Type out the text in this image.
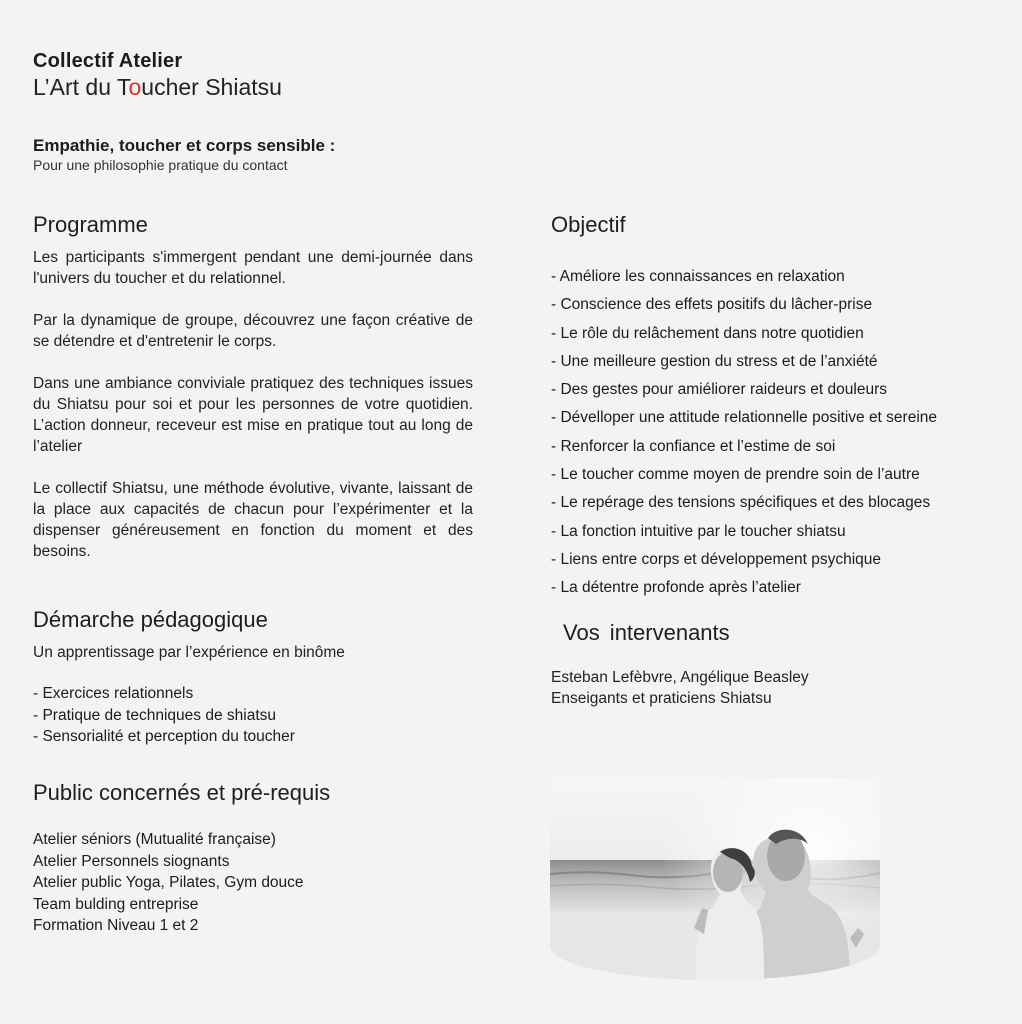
Collectif Atelier
L’Art du Toucher Shiatsu
Empathie, toucher et corps sensible :
Pour une philosophie pratique du contact
Programme

Les participants s'immergent pendant une demi-journée dans l'univers du toucher et du relationnel.

Par la dynamique de groupe, découvrez une façon créative de se détendre et d'entretenir le corps.

Dans une ambiance conviviale pratiquez des techniques issues du Shiatsu pour soi et pour les personnes de votre quotidien. L’action donneur, receveur est mise en pratique tout au long de l’atelier

Le collectif Shiatsu, une méthode évolutive, vivante, laissant de la place aux capacités de chacun pour l’expérimenter et la dispenser généreusement en fonction du moment et des besoins.

Démarche pédagogique

Un apprentissage par l’expérience en binôme

- Exercices relationnels
- Pratique de techniques de shiatsu
- Sensorialité et perception du toucher
Public concernés et pré-requis
Atelier séniors (Mutualité française)
Atelier Personnels siognants
Atelier public Yoga, Pilates, Gym douce
Team bulding entreprise
Formation Niveau 1 et 2
Objectif
- Améliore les connaissances en relaxation
- Conscience des effets positifs du lâcher-prise
- Le rôle du relâchement dans notre quotidien
- Une meilleure gestion du stress et de l’anxiété
- Des gestes pour amiéliorer raideurs et douleurs
- Dévelloper une attitude relationnelle positive et sereine
- Renforcer la confiance et l’estime de soi
- Le toucher comme moyen de prendre soin de l’autre
- Le repérage des tensions spécifiques et des blocages
- La fonction intuitive par le toucher shiatsu
- Liens entre corps et développement psychique
- La détentre profonde après l’atelier
Vos intervenants

Esteban Lefèbvre, Angélique Beasley

Enseigants et praticiens Shiatsu
